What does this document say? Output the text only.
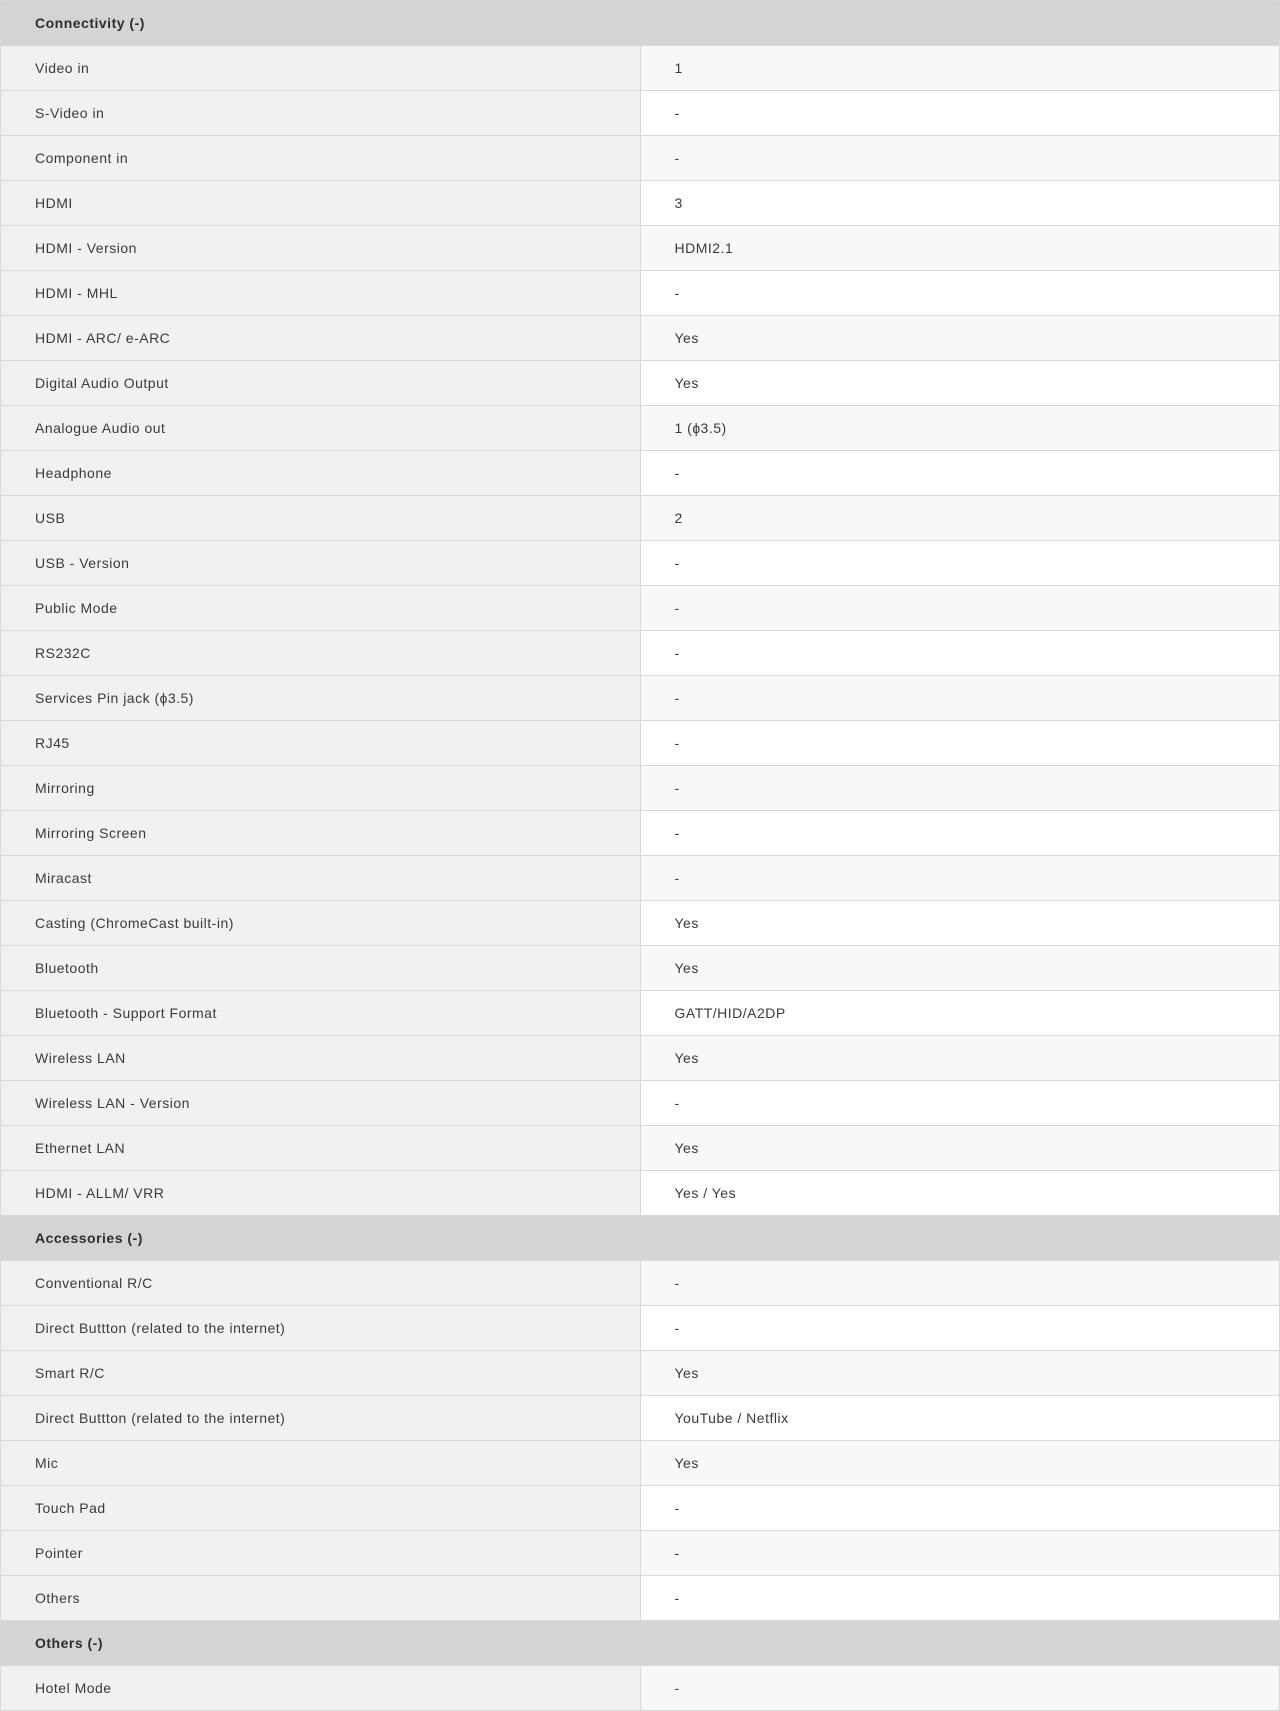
Connectivity (-)	
Video in	1
S-Video in	-
Component in	-
HDMI	3
HDMI - Version	HDMI2.1
HDMI - MHL	-
HDMI - ARC/ e-ARC	Yes
Digital Audio Output	Yes
Analogue Audio out	1 (ɸ3.5)
Headphone	-
USB	2
USB - Version	-
Public Mode	-
RS232C	-
Services Pin jack (ɸ3.5)	-
RJ45	-
Mirroring	-
Mirroring Screen	-
Miracast	-
Casting (ChromeCast built-in)	Yes
Bluetooth	Yes
Bluetooth - Support Format	GATT/HID/A2DP
Wireless LAN	Yes
Wireless LAN - Version	-
Ethernet LAN	Yes
HDMI - ALLM/ VRR	Yes / Yes
Accessories (-)	
Conventional R/C	-
Direct Buttton (related to the internet)	-
Smart R/C	Yes
Direct Buttton (related to the internet)	YouTube / Netflix
Mic	Yes
Touch Pad	-
Pointer	-
Others	-
Others (-)	
Hotel Mode	-
